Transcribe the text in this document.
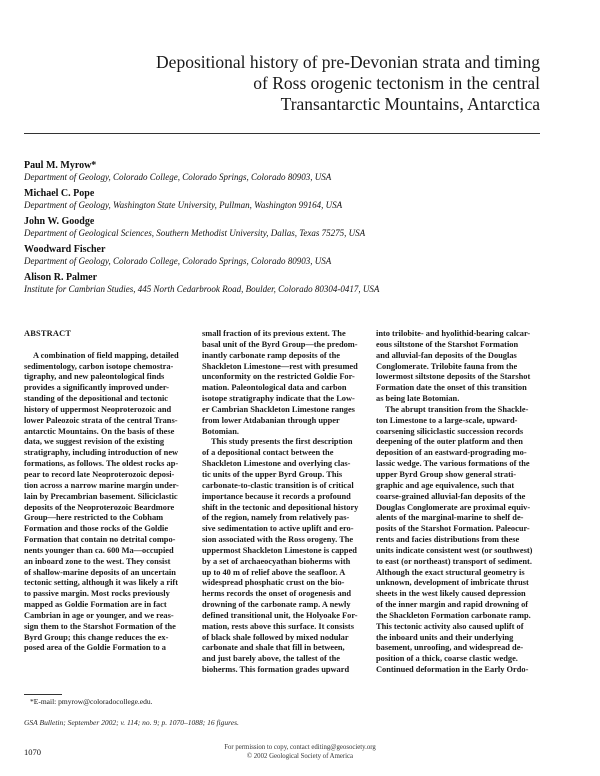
Depositional history of pre-Devonian strata and timing
of Ross orogenic tectonism in the central
Transantarctic Mountains, Antarctica
Paul M. Myrow*
Department of Geology, Colorado College, Colorado Springs, Colorado 80903, USA
Michael C. Pope
Department of Geology, Washington State University, Pullman, Washington 99164, USA
John W. Goodge
Department of Geological Sciences, Southern Methodist University, Dallas, Texas 75275, USA
Woodward Fischer
Department of Geology, Colorado College, Colorado Springs, Colorado 80903, USA
Alison R. Palmer
Institute for Cambrian Studies, 445 North Cedarbrook Road, Boulder, Colorado 80304-0417, USA
ABSTRACT
A combination of field mapping, detailed
sedimentology, carbon isotope chemostra-
tigraphy, and new paleontological finds
provides a significantly improved under-
standing of the depositional and tectonic
history of uppermost Neoproterozoic and
lower Paleozoic strata of the central Trans-
antarctic Mountains. On the basis of these
data, we suggest revision of the existing
stratigraphy, including introduction of new
formations, as follows. The oldest rocks ap-
pear to record late Neoproterozoic deposi-
tion across a narrow marine margin under-
lain by Precambrian basement. Siliciclastic
deposits of the Neoproterozoic Beardmore
Group—here restricted to the Cobham
Formation and those rocks of the Goldie
Formation that contain no detrital compo-
nents younger than ca. 600 Ma—occupied
an inboard zone to the west. They consist
of shallow-marine deposits of an uncertain
tectonic setting, although it was likely a rift
to passive margin. Most rocks previously
mapped as Goldie Formation are in fact
Cambrian in age or younger, and we reas-
sign them to the Starshot Formation of the
Byrd Group; this change reduces the ex-
posed area of the Goldie Formation to a
small fraction of its previous extent. The
basal unit of the Byrd Group—the predom-
inantly carbonate ramp deposits of the
Shackleton Limestone—rest with presumed
unconformity on the restricted Goldie For-
mation. Paleontological data and carbon
isotope stratigraphy indicate that the Low-
er Cambrian Shackleton Limestone ranges
from lower Atdabanian through upper
Botomian.
This study presents the first description
of a depositional contact between the
Shackleton Limestone and overlying clas-
tic units of the upper Byrd Group. This
carbonate-to-clastic transition is of critical
importance because it records a profound
shift in the tectonic and depositional history
of the region, namely from relatively pas-
sive sedimentation to active uplift and ero-
sion associated with the Ross orogeny. The
uppermost Shackleton Limestone is capped
by a set of archaeocyathan bioherms with
up to 40 m of relief above the seafloor. A
widespread phosphatic crust on the bio-
herms records the onset of orogenesis and
drowning of the carbonate ramp. A newly
defined transitional unit, the Holyoake For-
mation, rests above this surface. It consists
of black shale followed by mixed nodular
carbonate and shale that fill in between,
and just barely above, the tallest of the
bioherms. This formation grades upward
into trilobite- and hyolithid-bearing calcar-
eous siltstone of the Starshot Formation
and alluvial-fan deposits of the Douglas
Conglomerate. Trilobite fauna from the
lowermost siltstone deposits of the Starshot
Formation date the onset of this transition
as being late Botomian.
The abrupt transition from the Shackle-
ton Limestone to a large-scale, upward-
coarsening siliciclastic succession records
deepening of the outer platform and then
deposition of an eastward-prograding mo-
lassic wedge. The various formations of the
upper Byrd Group show general strati-
graphic and age equivalence, such that
coarse-grained alluvial-fan deposits of the
Douglas Conglomerate are proximal equiv-
alents of the marginal-marine to shelf de-
posits of the Starshot Formation. Paleocur-
rents and facies distributions from these
units indicate consistent west (or southwest)
to east (or northeast) transport of sediment.
Although the exact structural geometry is
unknown, development of imbricate thrust
sheets in the west likely caused depression
of the inner margin and rapid drowning of
the Shackleton Formation carbonate ramp.
This tectonic activity also caused uplift of
the inboard units and their underlying
basement, unroofing, and widespread de-
position of a thick, coarse clastic wedge.
Continued deformation in the Early Ordo-
*E-mail: pmyrow@coloradocollege.edu.
GSA Bulletin; September 2002; v. 114; no. 9; p. 1070–1088; 16 figures.
1070	For permission to copy, contact editing@geosociety.org
© 2002 Geological Society of America
